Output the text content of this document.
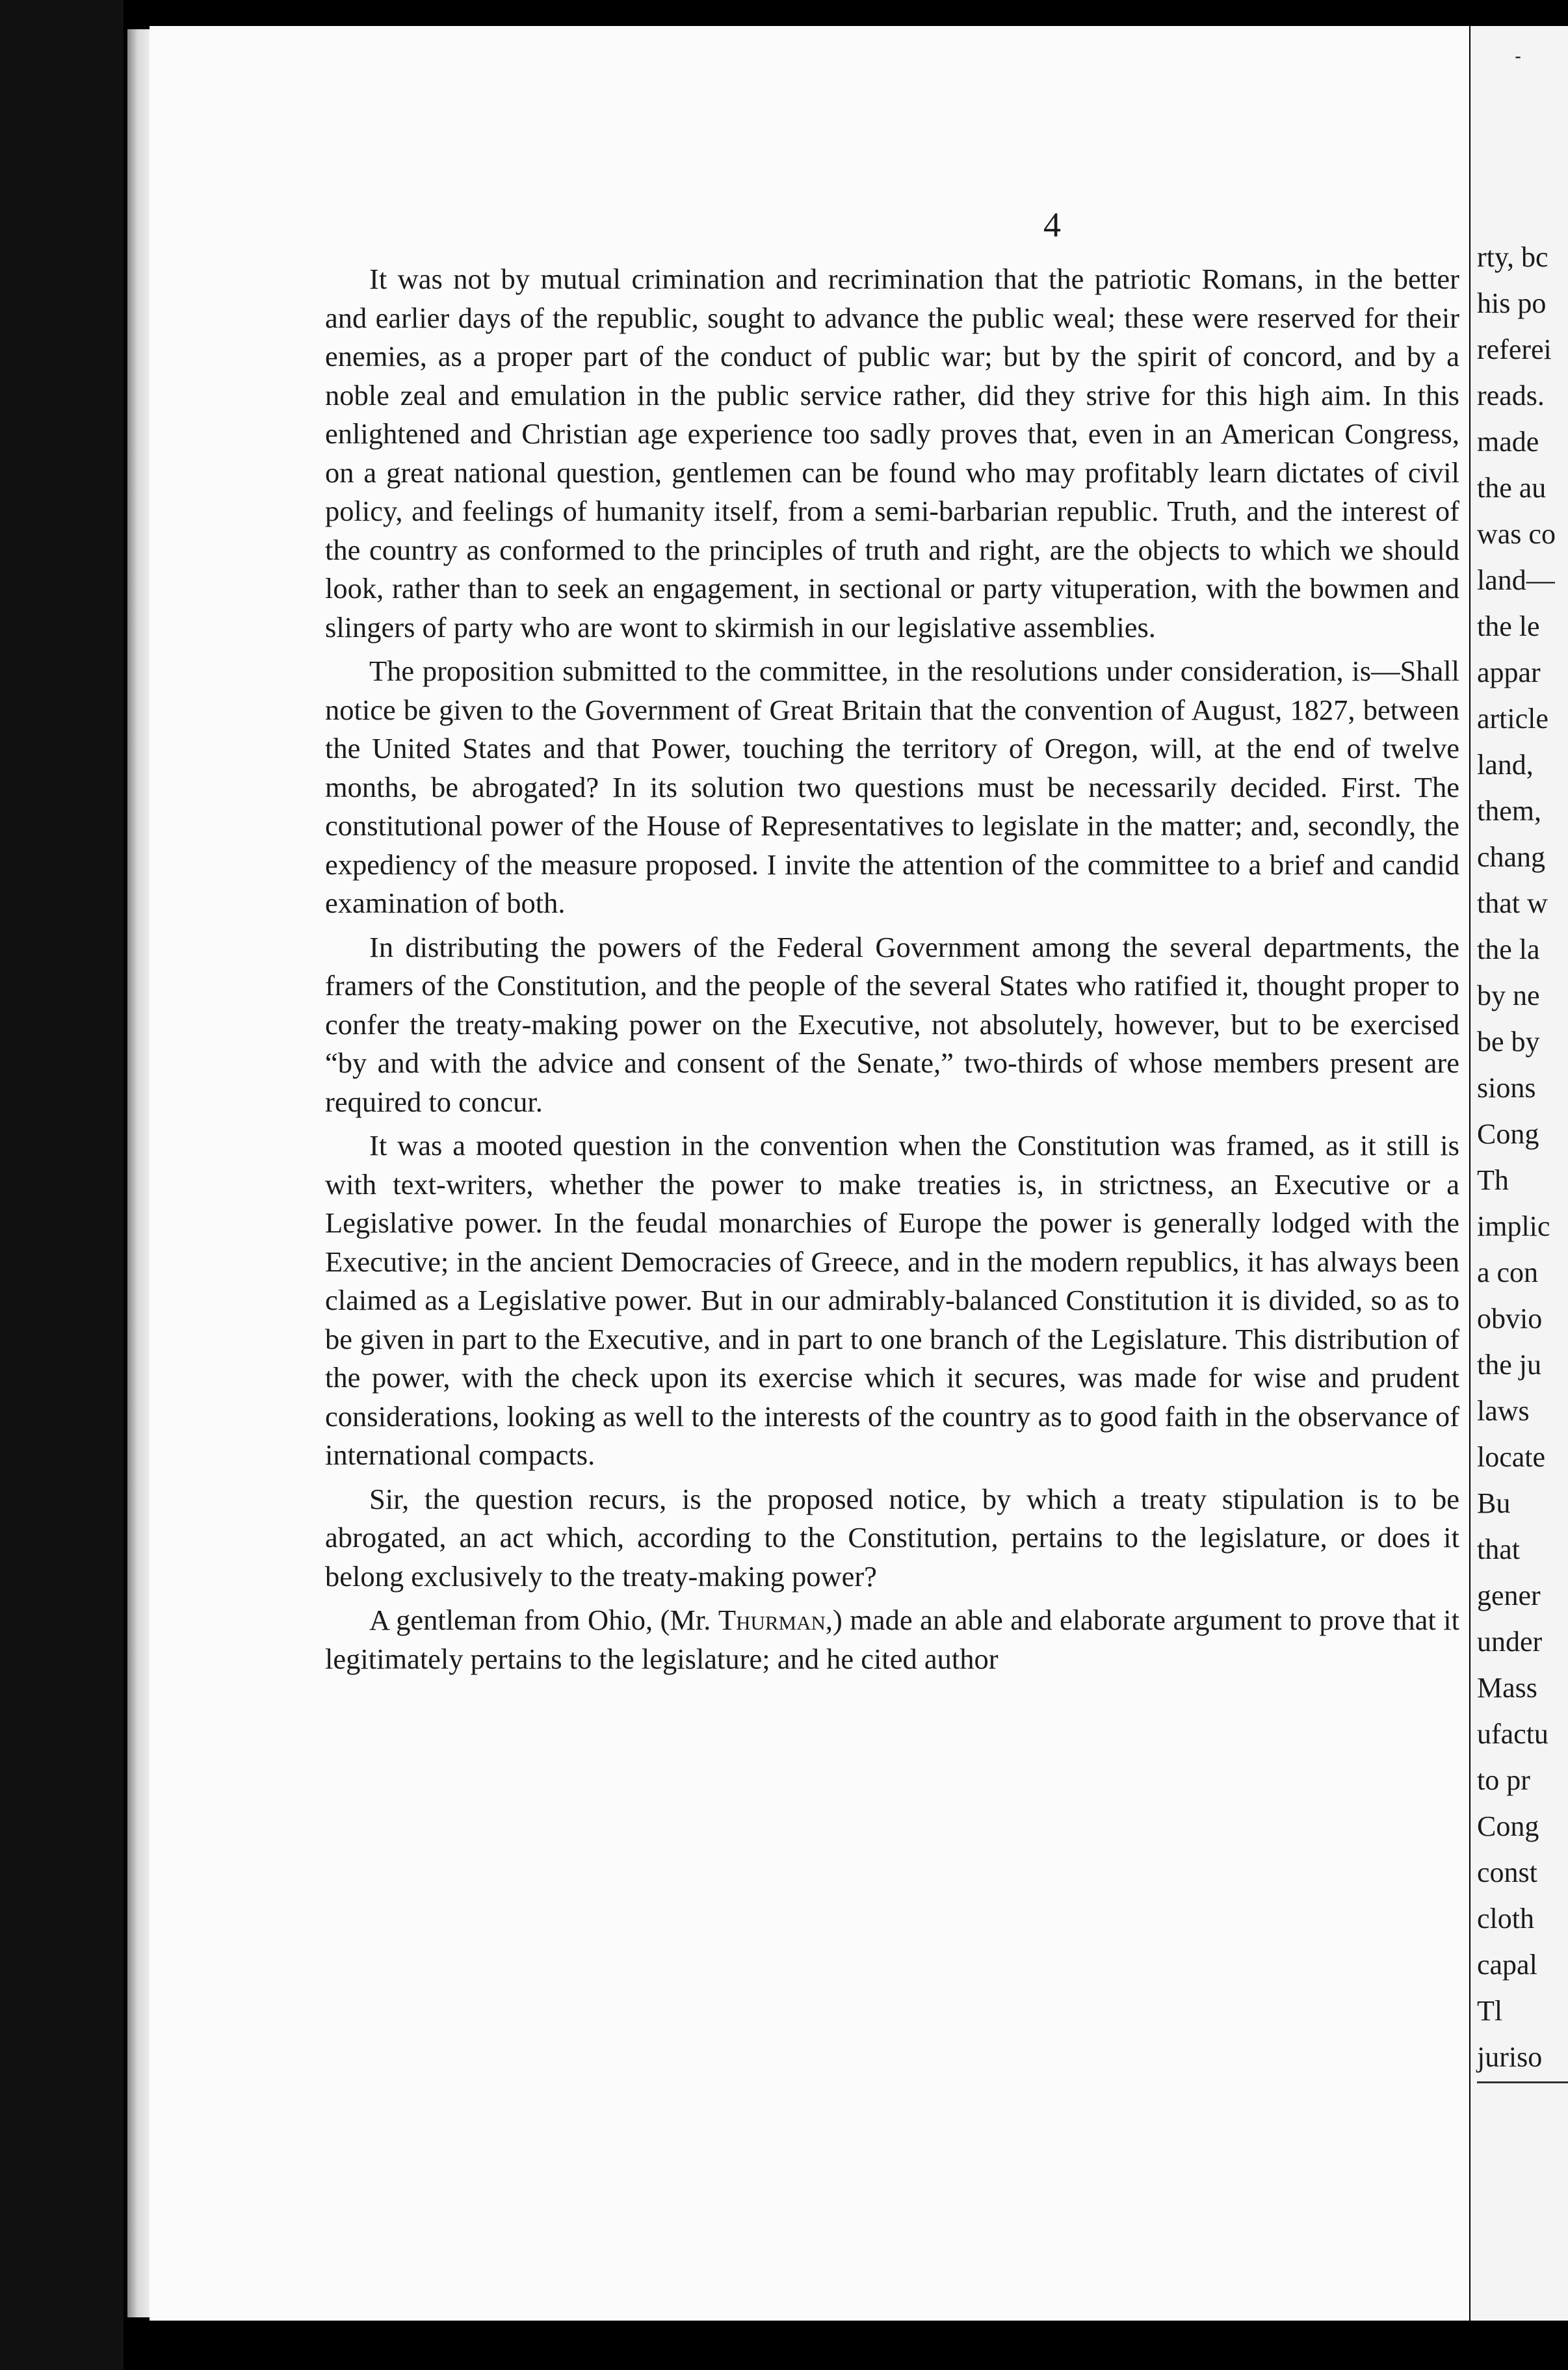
4

It was not by mutual crimination and recrimination that the patriotic Romans, in the better and earlier days of the republic, sought to advance the public weal; these were reserved for their enemies, as a proper part of the conduct of public war; but by the spirit of concord, and by a noble zeal and emulation in the public service rather, did they strive for this high aim. In this enlightened and Christian age experience too sadly proves that, even in an American Congress, on a great national question, gentlemen can be found who may profitably learn dictates of civil policy, and feelings of humanity itself, from a semi-barbarian republic. Truth, and the interest of the country as conformed to the principles of truth and right, are the objects to which we should look, rather than to seek an engagement, in sectional or party vituperation, with the bowmen and slingers of party who are wont to skirmish in our legislative assemblies.

The proposition submitted to the committee, in the resolutions under consideration, is—Shall notice be given to the Government of Great Britain that the convention of August, 1827, between the United States and that Power, touching the territory of Oregon, will, at the end of twelve months, be abrogated? In its solution two questions must be necessarily decided. First. The constitutional power of the House of Representatives to legislate in the matter; and, secondly, the expediency of the measure proposed. I invite the attention of the committee to a brief and candid examination of both.

In distributing the powers of the Federal Government among the several departments, the framers of the Constitution, and the people of the several States who ratified it, thought proper to confer the treaty-making power on the Executive, not absolutely, however, but to be exercised “by and with the advice and consent of the Senate,” two-thirds of whose members present are required to concur.

It was a mooted question in the convention when the Constitution was framed, as it still is with text-writers, whether the power to make treaties is, in strictness, an Executive or a Legislative power. In the feudal monarchies of Europe the power is generally lodged with the Executive; in the ancient Democracies of Greece, and in the modern republics, it has always been claimed as a Legislative power. But in our admirably-balanced Constitution it is divided, so as to be given in part to the Executive, and in part to one branch of the Legislature. This distribution of the power, with the check upon its exercise which it secures, was made for wise and prudent considerations, looking as well to the interests of the country as to good faith in the observance of international compacts.

Sir, the question recurs, is the proposed notice, by which a treaty stipulation is to be abrogated, an act which, according to the Constitution, pertains to the legislature, or does it belong exclusively to the treaty-making power?

A gentleman from Ohio, (Mr. Thurman,) made an able and elaborate argument to prove that it legitimately pertains to the legislature; and he cited author

rty, bc
his po
referei
reads.
made
the au
was co
land—
the le
appar
article
land,
them,
chang
that w
the la
by ne
be by
sions
Cong
Th
implic
a con
obvio
the ju
laws
locate
Bu
that
gener
under
Mass
ufactu
to pr
Cong
const
cloth
capal
Tl
juriso
-
